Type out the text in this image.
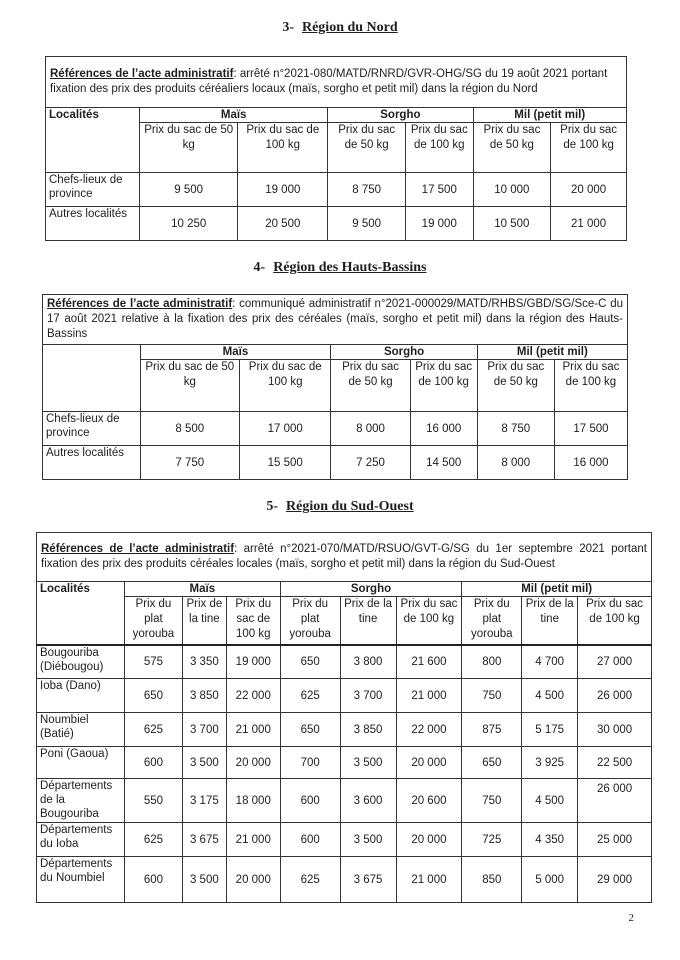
3- Région du Nord
Références de l’acte administratif: arrêté n°2021-080/MATD/RNRD/GVR-OHG/SG du 19 août 2021 portant fixation des prix des produits céréaliers locaux (maïs, sorgho et petit mil) dans la région du Nord						
Localités	Maïs		Sorgho		Mil (petit mil)	
	Prix du sac de 50 kg	Prix du sac de 100 kg	Prix du sac de 50 kg	Prix du sac de 100 kg	Prix du sac de 50 kg	Prix du sac de 100 kg
Chefs-lieux de province	9 500	19 000	8 750	17 500	10 000	20 000
Autres localités	10 250	20 500	9 500	19 000	10 500	21 000
4- Région des Hauts-Bassins
Références de l’acte administratif: communiqué administratif n°2021-000029/MATD/RHBS/GBD/SG/Sce-C du 17 août 2021 relative à la fixation des prix des céréales (maïs, sorgho et petit mil) dans la région des Hauts-Bassins						
	Maïs		Sorgho		Mil (petit mil)	
	Prix du sac de 50 kg	Prix du sac de 100 kg	Prix du sac de 50 kg	Prix du sac de 100 kg	Prix du sac de 50 kg	Prix du sac de 100 kg
Chefs-lieux de province	8 500	17 000	8 000	16 000	8 750	17 500
Autres localités	7 750	15 500	7 250	14 500	8 000	16 000
5- Région du Sud-Ouest
Références de l’acte administratif: arrêté n°2021-070/MATD/RSUO/GVT-G/SG du 1er septembre 2021 portant fixation des prix des produits céréales locales (maïs, sorgho et petit mil) dans la région du Sud-Ouest									
Localités	Maïs			Sorgho			Mil (petit mil)		
	Prix du plat yorouba	Prix de la tine	Prix du sac de 100 kg	Prix du plat yorouba	Prix de la tine	Prix du sac de 100 kg	Prix du plat yorouba	Prix de la tine	Prix du sac de 100 kg
Bougouriba (Diébougou)	575	3 350	19 000	650	3 800	21 600	800	4 700	27 000
Ioba (Dano)	650	3 850	22 000	625	3 700	21 000	750	4 500	26 000
Noumbiel (Batié)	625	3 700	21 000	650	3 850	22 000	875	5 175	30 000
Poni (Gaoua)	600	3 500	20 000	700	3 500	20 000	650	3 925	22 500
Départements de la Bougouriba	550	3 175	18 000	600	3 600	20 600	750	4 500	26 000
Départements du Ioba	625	3 675	21 000	600	3 500	20 000	725	4 350	25 000
Départements du Noumbiel	600	3 500	20 000	625	3 675	21 000	850	5 000	29 000
2
